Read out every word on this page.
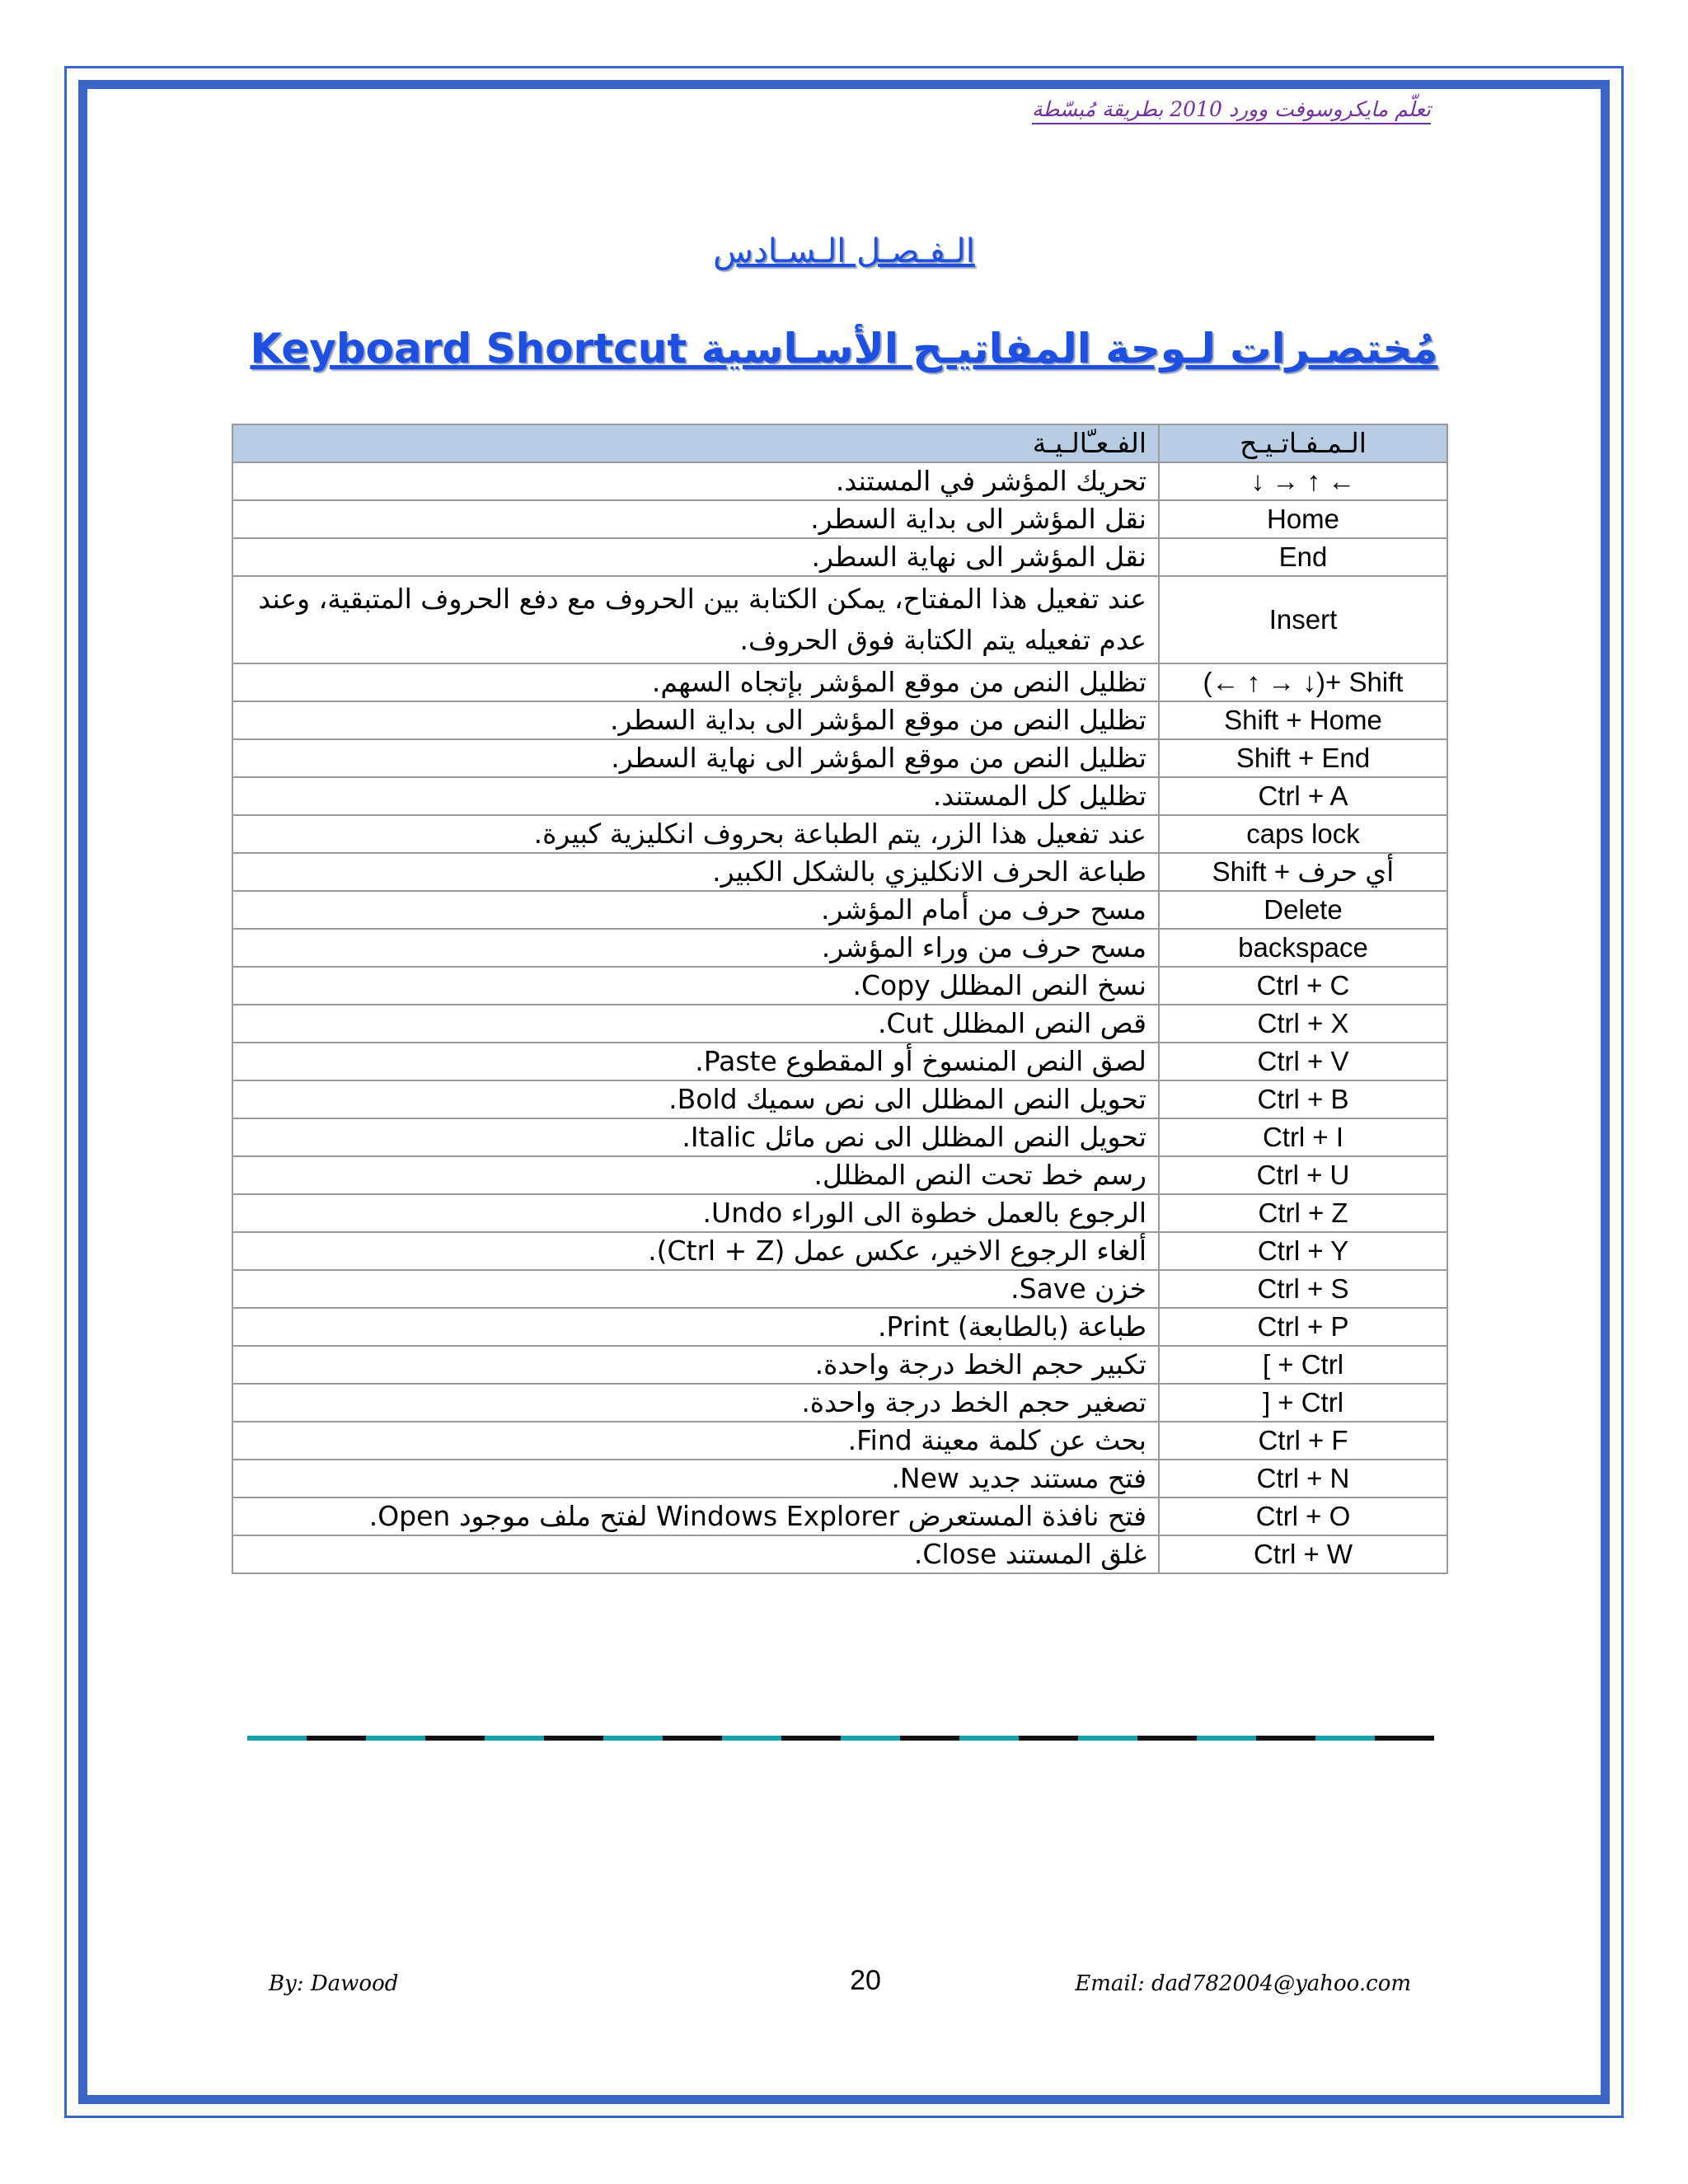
تعلّم مايكروسوفت وورد 2010 بطريقة مُبسّطة
الـفـصـل الـسـادس
مُختصـرات لـوحة المفاتيـح الأسـاسية Keyboard Shortcut
الـمـفـاتـيـح	الفـعـّالـيـة
← ↑ → ↓	تحريك المؤشر في المستند.
Home	نقل المؤشر الى بداية السطر.
End	نقل المؤشر الى نهاية السطر.
Insert	عند تفعيل هذا المفتاح، يمكن الكتابة بين الحروف مع دفع الحروف المتبقية، وعند عدم تفعيله يتم الكتابة فوق الحروف.
Shift +(↓ → ↑ ←)	تظليل النص من موقع المؤشر بإتجاه السهم.
Shift + Home	تظليل النص من موقع المؤشر الى بداية السطر.
Shift + End	تظليل النص من موقع المؤشر الى نهاية السطر.
Ctrl + A	تظليل كل المستند.
caps lock	عند تفعيل هذا الزر، يتم الطباعة بحروف انكليزية كبيرة.
أي حرف + Shift	طباعة الحرف الانكليزي بالشكل الكبير.
Delete	مسح حرف من أمام المؤشر.
backspace	مسح حرف من وراء المؤشر.
Ctrl + C	نسخ النص المظلل Copy.
Ctrl + X	قص النص المظلل Cut.
Ctrl + V	لصق النص المنسوخ أو المقطوع Paste.
Ctrl + B	تحويل النص المظلل الى نص سميك Bold.
Ctrl + I	تحويل النص المظلل الى نص مائل Italic.
Ctrl + U	رسم خط تحت النص المظلل.
Ctrl + Z	الرجوع بالعمل خطوة الى الوراء Undo.
Ctrl + Y	ألغاء الرجوع الاخير، عكس عمل (Ctrl + Z).
Ctrl + S	خزن Save.
Ctrl + P	طباعة (بالطابعة) Print.
Ctrl + ]	تكبير حجم الخط درجة واحدة.
Ctrl + [	تصغير حجم الخط درجة واحدة.
Ctrl + F	بحث عن كلمة معينة Find.
Ctrl + N	فتح مستند جديد New.
Ctrl + O	فتح نافذة المستعرض Windows Explorer لفتح ملف موجود Open.
Ctrl + W	غلق المستند Close.
By: Dawood	20	Email: dad782004@yahoo.com
